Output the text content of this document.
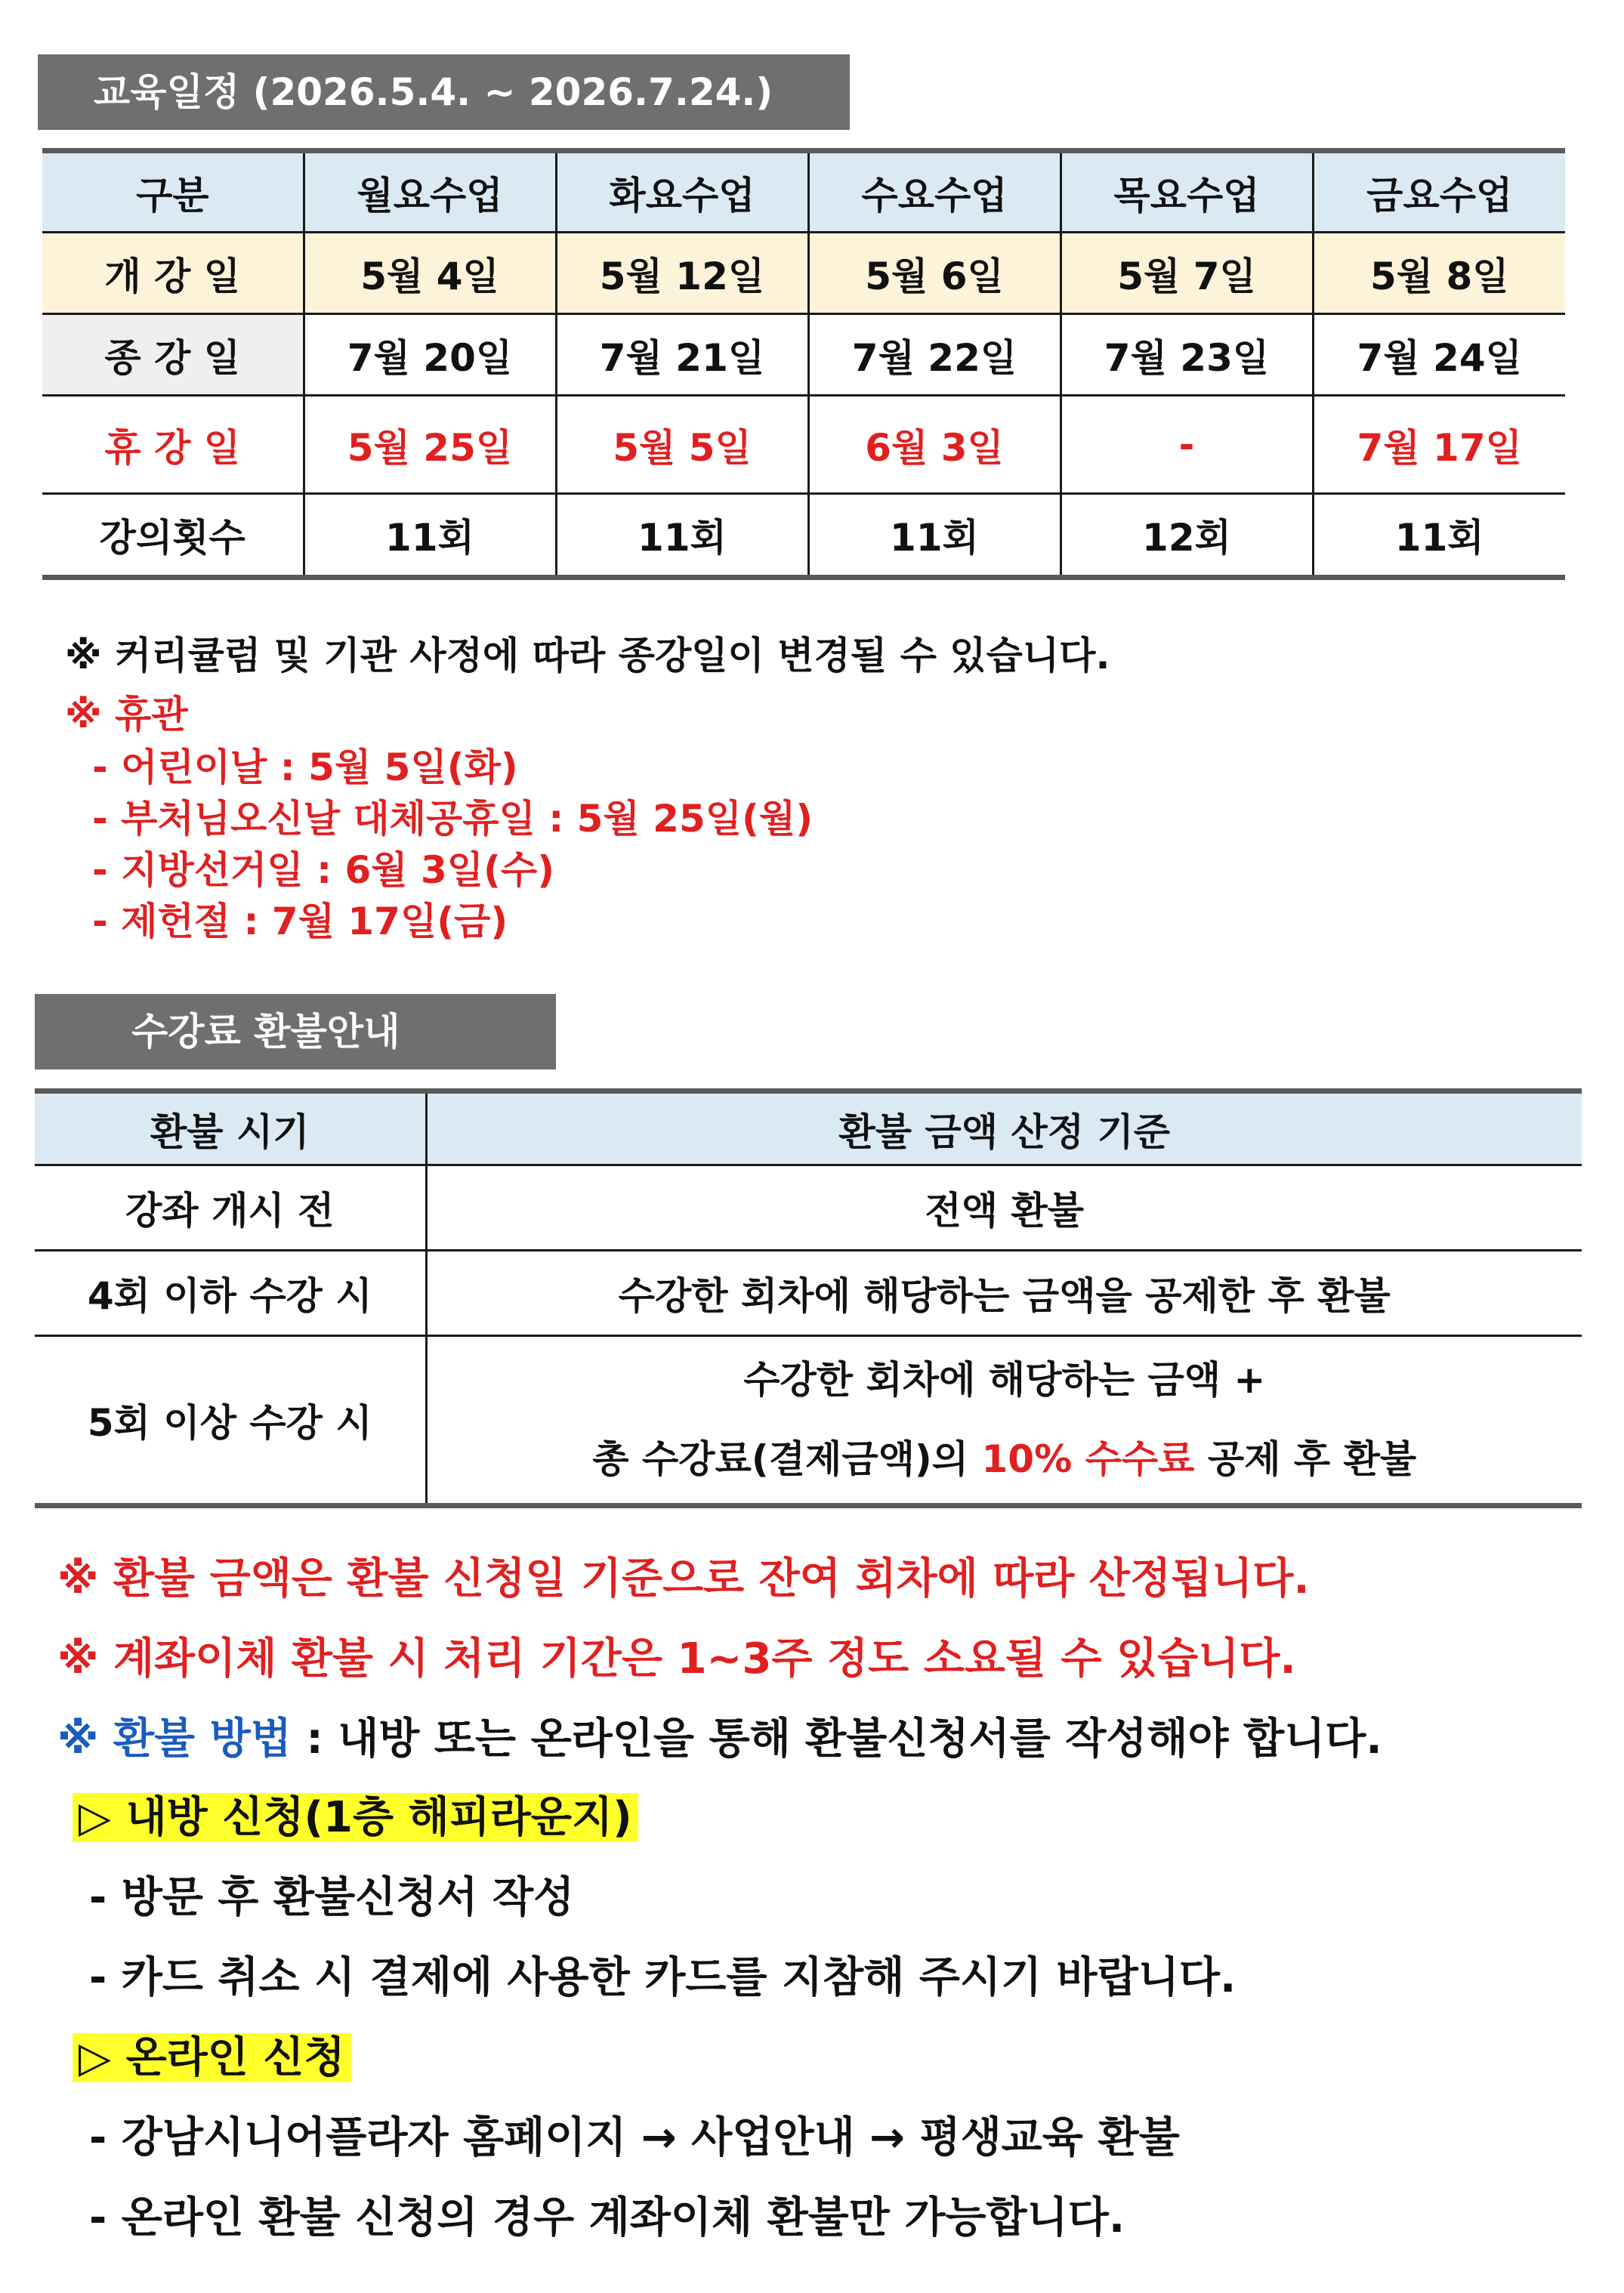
교육일정 (2026.5.4. ~ 2026.7.24.)
구분	월요수업	화요수업	수요수업	목요수업	금요수업
개 강 일	5월 4일	5월 12일	5월 6일	5월 7일	5월 8일
종 강 일	7월 20일	7월 21일	7월 22일	7월 23일	7월 24일
휴 강 일	5월 25일	5월 5일	6월 3일	-	7월 17일
강의횟수	11회	11회	11회	12회	11회
※ 커리큘럼 및 기관 사정에 따라 종강일이 변경될 수 있습니다.
※ 휴관
- 어린이날 : 5월 5일(화)
- 부처님오신날 대체공휴일 : 5월 25일(월)
- 지방선거일 : 6월 3일(수)
- 제헌절 : 7월 17일(금)
수강료 환불안내
환불 시기	환불 금액 산정 기준
강좌 개시 전	전액 환불
4회 이하 수강 시	수강한 회차에 해당하는 금액을 공제한 후 환불
5회 이상 수강 시	수강한 회차에 해당하는 금액 +
총 수강료(결제금액)의 10% 수수료 공제 후 환불
※ 환불 금액은 환불 신청일 기준으로 잔여 회차에 따라 산정됩니다.
※ 계좌이체 환불 시 처리 기간은 1~3주 정도 소요될 수 있습니다.
※ 환불 방법 : 내방 또는 온라인을 통해 환불신청서를 작성해야 합니다.
▷ 내방 신청(1층 해피라운지)
- 방문 후 환불신청서 작성
- 카드 취소 시 결제에 사용한 카드를 지참해 주시기 바랍니다.
▷ 온라인 신청
- 강남시니어플라자 홈페이지 → 사업안내 → 평생교육 환불
- 온라인 환불 신청의 경우 계좌이체 환불만 가능합니다.
